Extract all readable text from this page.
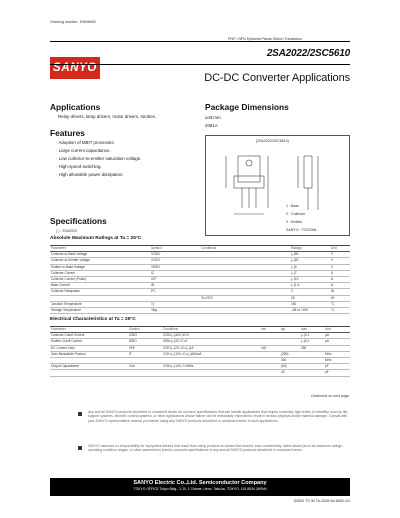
Ordering number : ENN6650
PNP / NPN Epitaxial Planar Silicon Transistors
SANYO
2SA2022/2SC5610
DC-DC Converter Applications
Applications
Relay drivers, lamp drivers, motor drivers, strobes.
Features
· Adoption of MBIT processes.
· Large current capacitance.
· Low collector-to-emitter saturation voltage.
· High-speed switching.
· High allowable power dissipation.
Package Dimensions
unit:mm
2081A
[2SA2022/2SC5610]
1 : Base
2 : Collector
3 : Emitter
SANYO : TO220ML
Specifications
( ) : 2SA2022
Absolute Maximum Ratings at Ta = 25°C
Parameter	Symbol	Conditions	Ratings	Unit
Collector-to-Base Voltage	VCBO		(–)50	V
Collector-to-Emitter Voltage	VCEO		(–)50	V
Emitter-to-Base Voltage	VEBO		(–)6	V
Collector Current	IC		(–)7	A
Collector Current (Pulse)	ICP		(–)10	A
Base Current	IB		(–)1.4	A
Collector Dissipation	PC		2	W
		Tc=25°C	25	W
Junction Temperature	Tj		150	°C
Storage Temperature	Tstg		–55 to +150	°C
Electrical Characteristics at Ta = 25°C
Parameter	Symbol	Conditions	min	typ	max	Unit
Collector Cutoff Current	ICBO	VCB=(–)40V, IE=0			(–)0.1	µA
Emitter Cutoff Current	IEBO	VEB=(–)4V, IC=0			(–)0.1	µA
DC Current Gain	hFE	VCE=(–)2V, IC=(–)1A	140		280	
Gain-Bandwidth Product	fT	VCE=(–)10V, IC=(–)500mA		(280)		MHz
				300		MHz
Output Capacitance	Cob	VCB=(–)10V, f=1MHz		(60)		pF
				40		pF
Continued on next page.
Any and all SANYO products described or contained herein do not have specifications that can handle applications that require extremely high levels of reliability, such as life-support systems, aircraft's control systems, or other applications whose failure can be reasonably expected to result in serious physical and/or material damage. Consult with your SANYO representative nearest you before using any SANYO products described or contained herein in such applications.
SANYO assumes no responsibility for equipment failures that result from using products at values that exceed, even momentarily, rated values (such as maximum ratings, operating condition ranges, or other parameters) listed in products specifications of any and all SANYO products described or contained herein.
SANYO Electric Co.,Ltd. Semiconductor Company
TOKYO OFFICE Tokyo Bldg., 1-10, 1 Chome, Ueno, Taito-ku, TOKYO, 110-8534 JAPAN
D0500 TS IM TA-2638 No.6650-1/4
